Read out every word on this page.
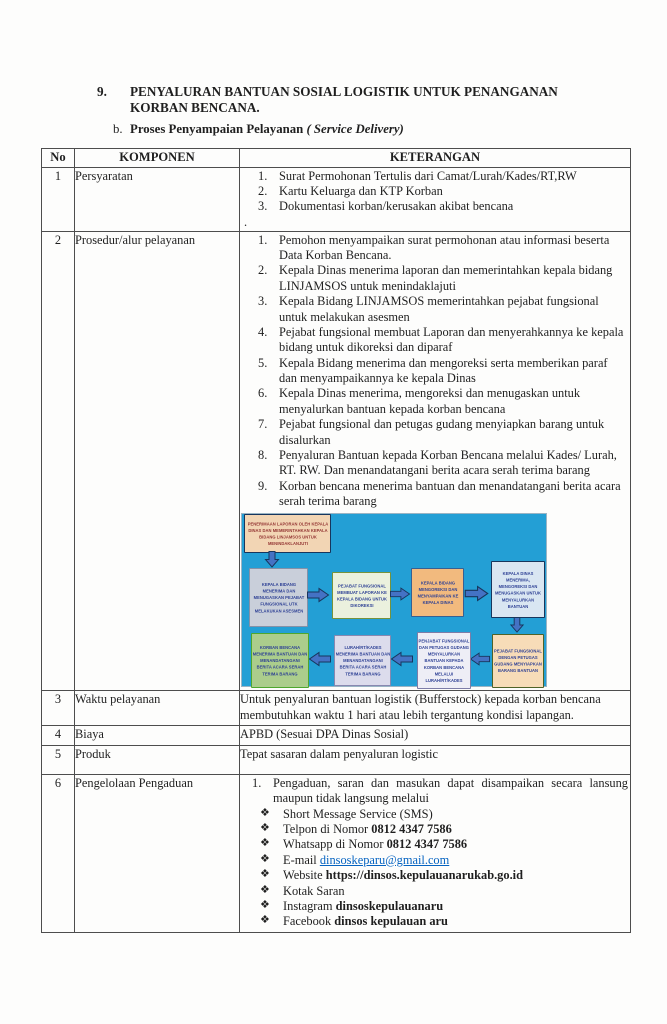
9.	PENYALURAN BANTUAN SOSIAL LOGISTIK UNTUK PENANGANAN
KORBAN BENCANA.
b. Proses Penyampaian Pelayanan ( Service Delivery)
No	KOMPONEN	KETERANGAN
1	Persyaratan	1. Surat Permohonan Tertulis dari Camat/Lurah/Kades/RT,RW
2. Kartu Keluarga dan KTP Korban
3. Dokumentasi korban/kerusakan akibat bencana
.

2	Prosedur/alur pelayanan	1. Pemohon menyampaikan surat permohonan atau informasi beserta Data Korban Bencana.
2. Kepala Dinas menerima laporan dan memerintahkan kepala bidang LINJAMSOS untuk menindaklajuti
3. Kepala Bidang LINJAMSOS memerintahkan pejabat fungsional untuk melakukan asesmen
4. Pejabat fungsional membuat Laporan dan menyerahkannya ke kepala bidang untuk dikoreksi dan diparaf
5. Kepala Bidang menerima dan mengoreksi serta memberikan paraf dan menyampaikannya ke kepala Dinas
6. Kepala Dinas menerima, mengoreksi dan menugaskan untuk menyalurkan bantuan kepada korban bencana
7. Pejabat fungsional dan petugas gudang menyiapkan barang untuk disalurkan
8. Penyaluran Bantuan kepada Korban Bencana melalui Kades/ Lurah, RT. RW. Dan menandatangani berita acara serah terima barang
9. Korban bencana menerima bantuan dan menandatangani berita acara serah terima barang
PENERIMAAN LAPORAN OLEH KEPALA DINAS DAN MEMERINTAHKAN KEPALA BIDANG LINJAMSOS UNTUK MENINDAKLANJUTI
KEPALA BIDANG MENERIMA DAN MENUGASKAN PEJABAT FUNGSIONAL UTK MELAKUKAN ASESMEN
PEJABAT FUNGSIONAL MEMBUAT LAPORAN KE KEPALA BIDANG UNTUK DIKOREKSI
KEPALA BIDANG MENGOREKSI DAN MENYAMPAIKAN KE KEPALA DINAS
KEPALA DINAS MENERIMA, MENGOREKSI DAN MENUGASKAN UNTUK MENYALURKAN BANTUAN
PEJABAT FUNGSIONAL DENGAN PETUGAS GUDANG MENYIAPKAN BARANG BANTUAN
PENJABAT FUNGSIONAL DAN PETUGAS GUDANG MENYALURKAN BANTUAN KEPADA KORBAN BENCANA MELALUI LURAH/RT/KADES
LURAH/RT/KADES MENERIMA BANTUAN DAN MENANDATANGANI BERITA ACARA SERAH TERIMA BARANG
KORBAN BENCANA MENERIMA BANTUAN DAN MENANDATANGANI BERITA ACARA SERAH TERIMA BARANG

3	Waktu pelayanan	Untuk penyaluran bantuan logistik (Bufferstock) kepada korban bencana membutuhkan waktu 1 hari atau lebih tergantung kondisi lapangan.
4	Biaya	APBD (Sesuai DPA Dinas Sosial)
5	Produk	Tepat sasaran dalam penyaluran logistic
6	Pengelolaan Pengaduan	1. Pengaduan, saran dan masukan dapat disampaikan secara lansung maupun tidak langsung melalui
❖	Short Message Service (SMS)
❖	Telpon di Nomor 0812 4347 7586
❖	Whatsapp di Nomor 0812 4347 7586
❖	E-mail dinsoskeparu@gmail.com
❖	Website https://dinsos.kepulauanarukab.go.id
❖	Kotak Saran
❖	Instagram dinsoskepulauanaru
❖	Facebook dinsos kepulauan aru
